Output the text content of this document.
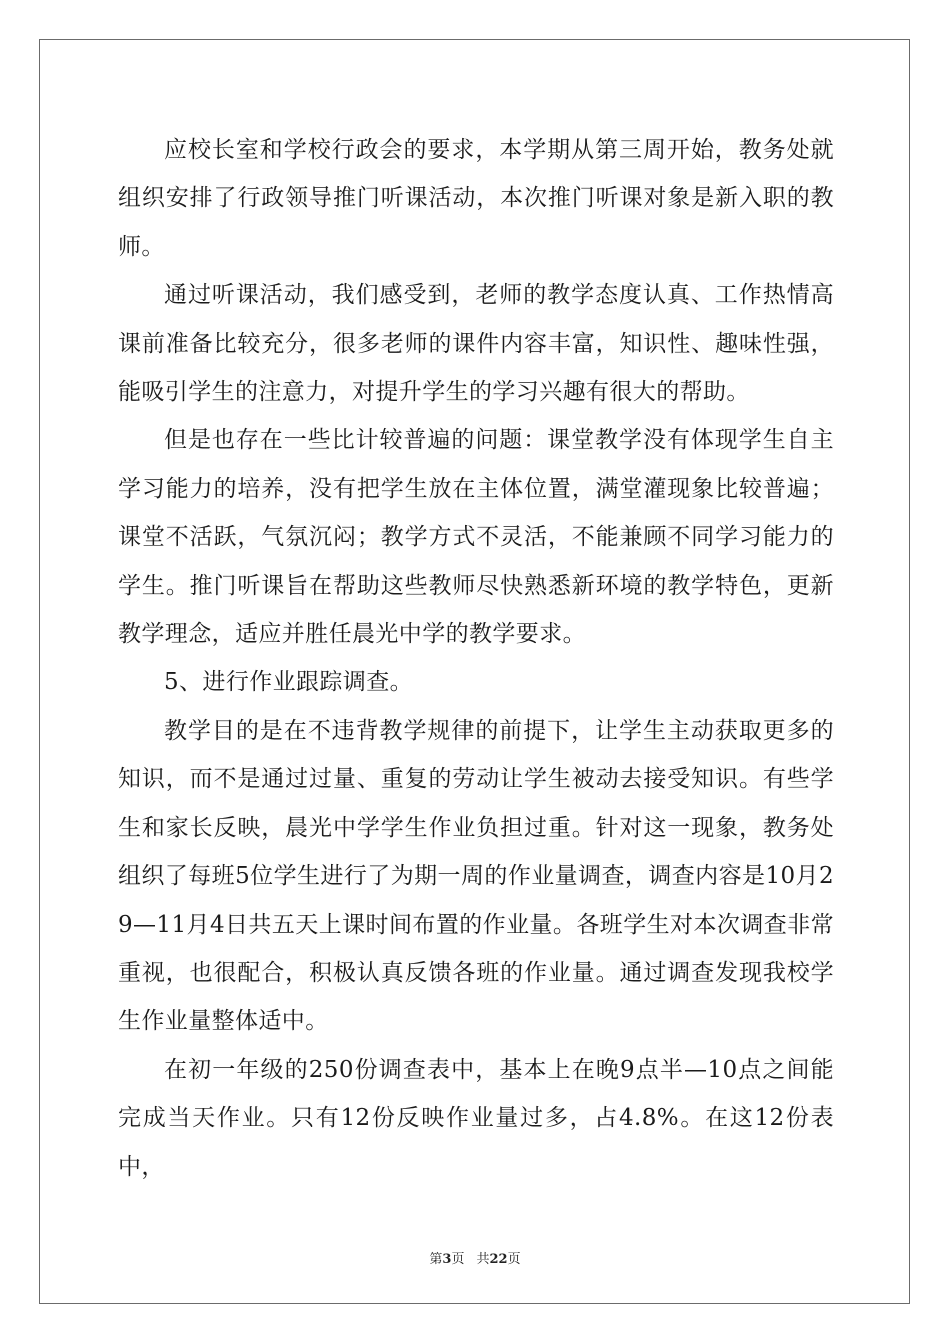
应校长室和学校行政会的要求，本学期从第三周开始，教务处就组织安排了行政领导推门听课活动，本次推门听课对象是新入职的教师。

通过听课活动，我们感受到，老师的教学态度认真、工作热情高课前准备比较充分，很多老师的课件内容丰富，知识性、趣味性强，能吸引学生的注意力，对提升学生的学习兴趣有很大的帮助。

但是也存在一些比计较普遍的问题：课堂教学没有体现学生自主学习能力的培养，没有把学生放在主体位置，满堂灌现象比较普遍；课堂不活跃，气氛沉闷；教学方式不灵活，不能兼顾不同学习能力的学生。推门听课旨在帮助这些教师尽快熟悉新环境的教学特色，更新教学理念，适应并胜任晨光中学的教学要求。

5、进行作业跟踪调查。

教学目的是在不违背教学规律的前提下，让学生主动获取更多的知识，而不是通过过量、重复的劳动让学生被动去接受知识。有些学生和家长反映，晨光中学学生作业负担过重。针对这一现象，教务处组织了每班5位学生进行了为期一周的作业量调查，调查内容是10月29—11月4日共五天上课时间布置的作业量。各班学生对本次调查非常重视，也很配合，积极认真反馈各班的作业量。通过调查发现我校学生作业量整体适中。

在初一年级的250份调查表中，基本上在晚9点半—10点之间能完成当天作业。只有12份反映作业量过多，占4.8%。在这12份表中，

第3页 共22页
